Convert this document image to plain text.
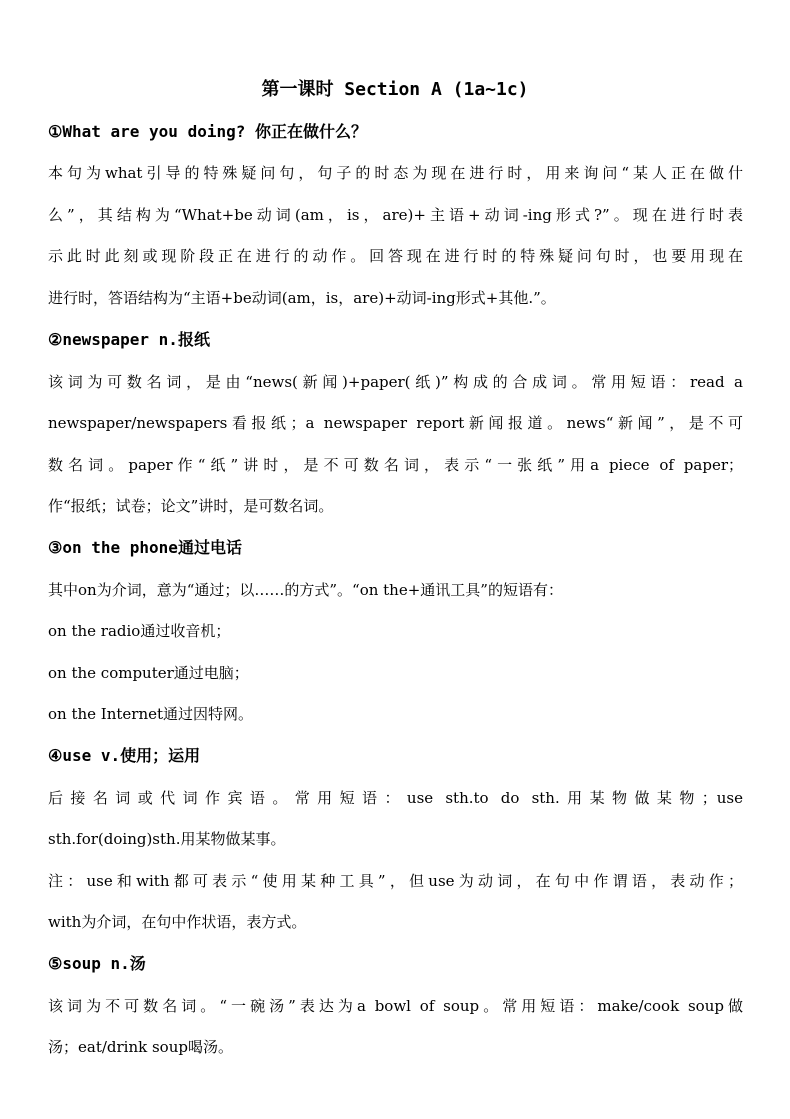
第一课时 Section A (1a~1c)
①What are you doing? 你正在做什么？
本句为what引导的特殊疑问句，句子的时态为现在进行时，用来询问“某人正在做什
么”，其结构为“What+be动词(am，is，are)+主语+动词-ing形式?”。现在进行时表
示此时此刻或现阶段正在进行的动作。回答现在进行时的特殊疑问句时，也要用现在
进行时，答语结构为“主语+be动词(am，is，are)+动词-ing形式+其他.”。
②newspaper n.报纸
该词为可数名词，是由“news(新闻)+paper(纸)”构成的合成词。常用短语：read a
newspaper/newspapers看报纸；a newspaper report新闻报道。news“新闻”，是不可
数名词。paper作“纸”讲时，是不可数名词，表示“一张纸”用a piece of paper；
作“报纸；试卷；论文”讲时，是可数名词。
③on the phone通过电话
其中on为介词，意为“通过；以……的方式”。“on the+通讯工具”的短语有：
on the radio通过收音机；
on the computer通过电脑；
on the Internet通过因特网。
④use v.使用；运用
后接名词或代词作宾语。常用短语：use sth.to do sth.用某物做某物；use
sth.for(doing)sth.用某物做某事。
注：use和with都可表示“使用某种工具”，但use为动词，在句中作谓语，表动作；
with为介词，在句中作状语，表方式。
⑤soup n.汤
该词为不可数名词。“一碗汤”表达为a bowl of soup。常用短语：make/cook soup做
汤；eat/drink soup喝汤。
